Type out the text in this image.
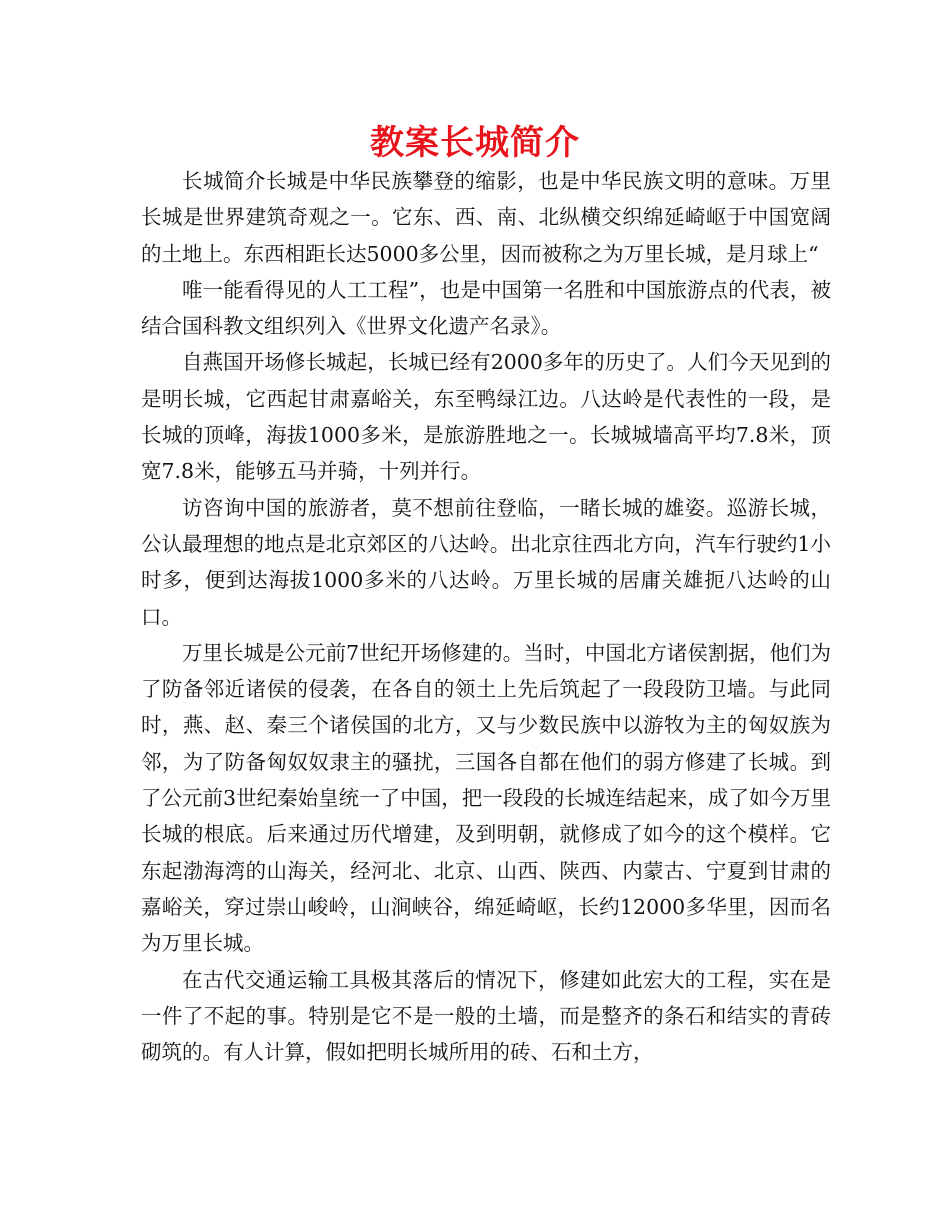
教案长城简介

长城简介长城是中华民族攀登的缩影，也是中华民族文明的意味。万里长城是世界建筑奇观之一。它东、西、南、北纵横交织绵延崎岖于中国宽阔的土地上。东西相距长达5000多公里，因而被称之为万里长城，是月球上“

唯一能看得见的人工工程”，也是中国第一名胜和中国旅游点的代表，被结合国科教文组织列入《世界文化遗产名录》。

自燕国开场修长城起，长城已经有2000多年的历史了。人们今天见到的是明长城，它西起甘肃嘉峪关，东至鸭绿江边。八达岭是代表性的一段，是长城的顶峰，海拔1000多米，是旅游胜地之一。长城城墙高平均7.8米，顶宽7.8米，能够五马并骑，十列并行。

访咨询中国的旅游者，莫不想前往登临，一睹长城的雄姿。巡游长城，公认最理想的地点是北京郊区的八达岭。出北京往西北方向，汽车行驶约1小时多，便到达海拔1000多米的八达岭。万里长城的居庸关雄扼八达岭的山口。

万里长城是公元前7世纪开场修建的。当时，中国北方诸侯割据，他们为了防备邻近诸侯的侵袭，在各自的领土上先后筑起了一段段防卫墙。与此同时，燕、赵、秦三个诸侯国的北方，又与少数民族中以游牧为主的匈奴族为邻，为了防备匈奴奴隶主的骚扰，三国各自都在他们的弱方修建了长城。到了公元前3世纪秦始皇统一了中国，把一段段的长城连结起来，成了如今万里长城的根底。后来通过历代增建，及到明朝，就修成了如今的这个模样。它东起渤海湾的山海关，经河北、北京、山西、陕西、内蒙古、宁夏到甘肃的嘉峪关，穿过崇山峻岭，山涧峡谷，绵延崎岖，长约12000多华里，因而名为万里长城。

在古代交通运输工具极其落后的情况下，修建如此宏大的工程，实在是一件了不起的事。特别是它不是一般的土墙，而是整齐的条石和结实的青砖砌筑的。有人计算，假如把明长城所用的砖、石和土方，
